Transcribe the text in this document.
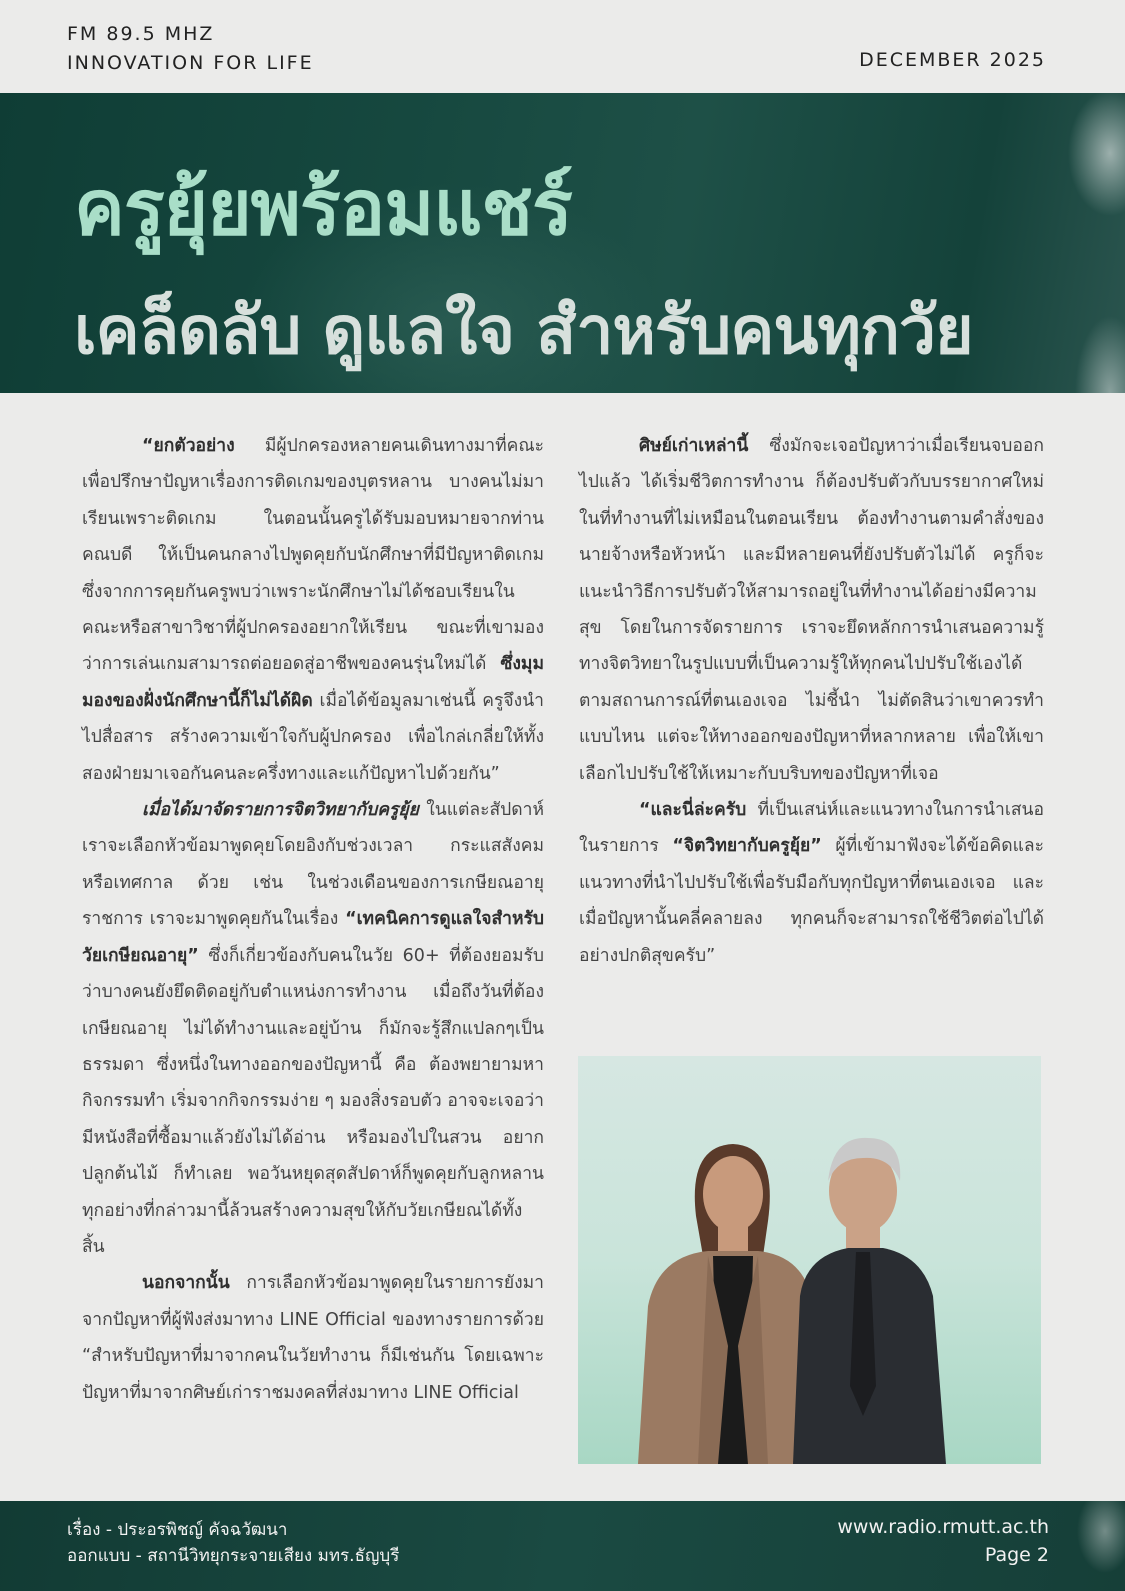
FM 89.5 MHZ
INNOVATION FOR LIFE	DECEMBER 2025
ครูยุ้ยพร้อมแชร์
เคล็ดลับ ดูแลใจ สำหรับคนทุกวัย

“ยกตัวอย่าง มีผู้ปกครองหลายคนเดินทางมาที่คณะเพื่อปรึกษาปัญหาเรื่องการติดเกมของบุตรหลาน บางคนไม่มาเรียนเพราะติดเกม ในตอนนั้นครูได้รับมอบหมายจากท่านคณบดี ให้เป็นคนกลางไปพูดคุยกับนักศึกษาที่มีปัญหาติดเกม ซึ่งจากการคุยกันครูพบว่าเพราะนักศึกษาไม่ได้ชอบเรียนในคณะหรือสาขาวิชาที่ผู้ปกครองอยากให้เรียน ขณะที่เขามองว่าการเล่นเกมสามารถต่อยอดสู่อาชีพของคนรุ่นใหม่ได้ ซึ่งมุมมองของฝั่งนักศึกษานี้ก็ไม่ได้ผิด เมื่อได้ข้อมูลมาเช่นนี้ ครูจึงนำไปสื่อสาร สร้างความเข้าใจกับผู้ปกครอง เพื่อไกล่เกลี่ยให้ทั้งสองฝ่ายมาเจอกันคนละครึ่งทางและแก้ปัญหาไปด้วยกัน”

เมื่อได้มาจัดรายการจิตวิทยากับครูยุ้ย ในแต่ละสัปดาห์ เราจะเลือกหัวข้อมาพูดคุยโดยอิงกับช่วงเวลา กระแสสังคม หรือเทศกาล ด้วย เช่น ในช่วงเดือนของการเกษียณอายุราชการ เราจะมาพูดคุยกันในเรื่อง “เทคนิคการดูแลใจสำหรับวัยเกษียณอายุ” ซึ่งก็เกี่ยวข้องกับคนในวัย 60+ ที่ต้องยอมรับว่าบางคนยังยึดติดอยู่กับตำแหน่งการทำงาน เมื่อถึงวันที่ต้องเกษียณอายุ ไม่ได้ทำงานและอยู่บ้าน ก็มักจะรู้สึกแปลกๆเป็นธรรมดา ซึ่งหนึ่งในทางออกของปัญหานี้ คือ ต้องพยายามหากิจกรรมทำ เริ่มจากกิจกรรมง่าย ๆ มองสิ่งรอบตัว อาจจะเจอว่ามีหนังสือที่ซื้อมาแล้วยังไม่ได้อ่าน หรือมองไปในสวน อยากปลูกต้นไม้ ก็ทำเลย พอวันหยุดสุดสัปดาห์ก็พูดคุยกับลูกหลาน ทุกอย่างที่กล่าวมานี้ล้วนสร้างความสุขให้กับวัยเกษียณได้ทั้งสิ้น

นอกจากนั้น การเลือกหัวข้อมาพูดคุยในรายการยังมาจากปัญหาที่ผู้ฟังส่งมาทาง LINE Official ของทางรายการด้วย “สำหรับปัญหาที่มาจากคนในวัยทำงาน ก็มีเช่นกัน โดยเฉพาะปัญหาที่มาจากศิษย์เก่าราชมงคลที่ส่งมาทาง LINE Official

ศิษย์เก่าเหล่านี้ ซึ่งมักจะเจอปัญหาว่าเมื่อเรียนจบออกไปแล้ว ได้เริ่มชีวิตการทำงาน ก็ต้องปรับตัวกับบรรยากาศใหม่ในที่ทำงานที่ไม่เหมือนในตอนเรียน ต้องทำงานตามคำสั่งของนายจ้างหรือหัวหน้า และมีหลายคนที่ยังปรับตัวไม่ได้ ครูก็จะแนะนำวิธีการปรับตัวให้สามารถอยู่ในที่ทำงานได้อย่างมีความสุข โดยในการจัดรายการ เราจะยึดหลักการนำเสนอความรู้ทางจิตวิทยาในรูปแบบที่เป็นความรู้ให้ทุกคนไปปรับใช้เองได้ตามสถานการณ์ที่ตนเองเจอ ไม่ชี้นำ ไม่ตัดสินว่าเขาควรทำแบบไหน แต่จะให้ทางออกของปัญหาที่หลากหลาย เพื่อให้เขาเลือกไปปรับใช้ให้เหมาะกับบริบทของปัญหาที่เจอ

“และนี่ล่ะครับ ที่เป็นเสน่ห์และแนวทางในการนำเสนอในรายการ “จิตวิทยากับครูยุ้ย” ผู้ที่เข้ามาฟังจะได้ข้อคิดและแนวทางที่นำไปปรับใช้เพื่อรับมือกับทุกปัญหาที่ตนเองเจอ และเมื่อปัญหานั้นคลี่คลายลง ทุกคนก็จะสามารถใช้ชีวิตต่อไปได้อย่างปกติสุขครับ”

เรื่อง - ประอรพิชญ์ คัจฉวัฒนา
ออกแบบ - สถานีวิทยุกระจายเสียง มทร.ธัญบุรี
www.radio.rmutt.ac.th
Page 2
